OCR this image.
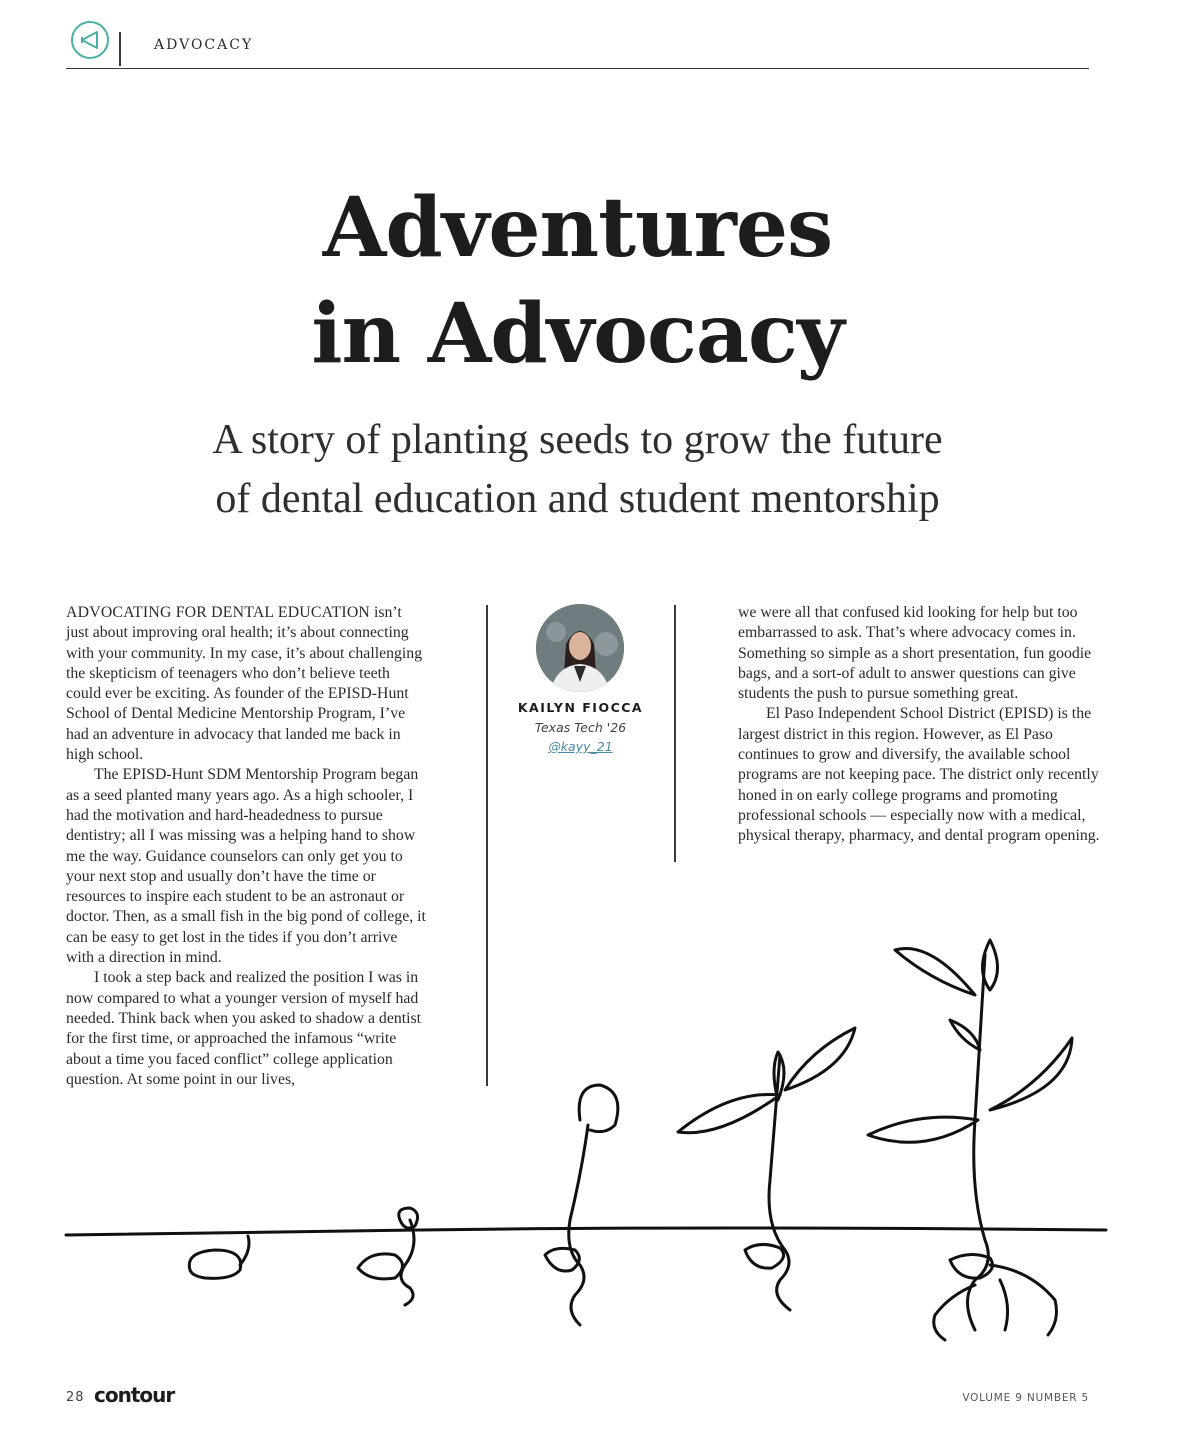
ADVOCACY
Adventures
in Advocacy
A story of planting seeds to grow the future
of dental education and student mentorship

ADVOCATING FOR DENTAL EDUCATION isn’t just about improving oral health; it’s about connecting with your community. In my case, it’s about challenging the skepticism of teenagers who don’t believe teeth could ever be exciting. As founder of the EPISD-Hunt School of Dental Medicine Mentorship Program, I’ve had an adventure in advocacy that landed me back in high school.

The EPISD-Hunt SDM Mentorship Program began as a seed planted many years ago. As a high schooler, I had the motivation and hard-headedness to pursue dentistry; all I was missing was a helping hand to show me the way. Guidance counselors can only get you to your next stop and usually don’t have the time or resources to inspire each student to be an astronaut or doctor. Then, as a small fish in the big pond of college, it can be easy to get lost in the tides if you don’t arrive with a direction in mind.

I took a step back and realized the position I was in now compared to what a younger version of myself had needed. Think back when you asked to shadow a dentist for the first time, or approached the infamous “write about a time you faced conflict” college application question. At some point in our lives,

KAILYN FIOCCA
Texas Tech '26
@kayy_21

we were all that confused kid looking for help but too embarrassed to ask. That’s where advocacy comes in. Something so simple as a short presentation, fun goodie bags, and a sort-of adult to answer questions can give students the push to pursue something great.

El Paso Independent School District (EPISD) is the largest district in this region. However, as El Paso continues to grow and diversify, the available school programs are not keeping pace. The district only recently honed in on early college programs and promoting professional schools — especially now with a medical, physical therapy, pharmacy, and dental program opening.

28 contour	VOLUME 9 NUMBER 5
